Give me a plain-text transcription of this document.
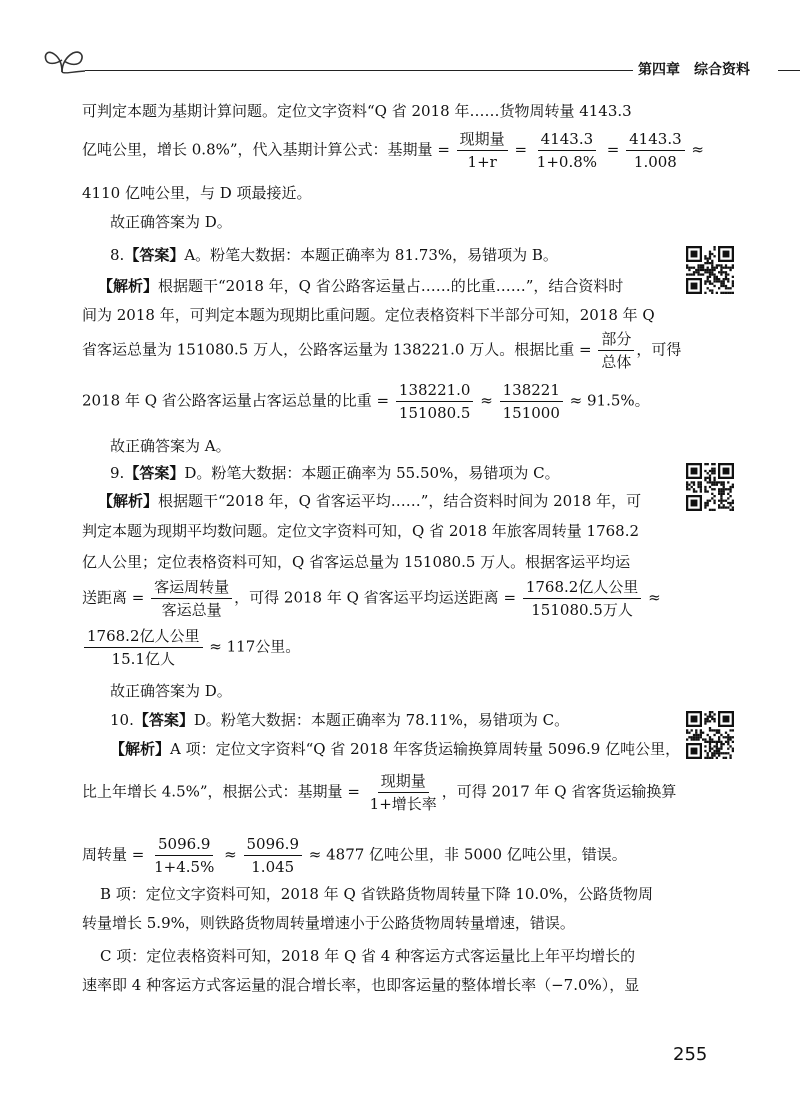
第四章　综合资料
可判定本题为基期计算问题。定位文字资料“Q 省 2018 年……货物周转量 4143.3
亿吨公里，增长 0.8%”，代入基期计算公式：基期量 = $\frac{\text{现期量}}{1+r} = \frac{4143.3}{1+0.8\%} = \frac{4143.3}{1.008}$ ≈
4110 亿吨公里，与 D 项最接近。
故正确答案为 D。
8.【答案】A。粉笔大数据：本题正确率为 81.73%，易错项为 B。
【解析】根据题干“2018 年，Q 省公路客运量占……的比重……”，结合资料时
间为 2018 年，可判定本题为现期比重问题。定位表格资料下半部分可知，2018 年 Q
省客运总量为 151080.5 万人，公路客运量为 138221.0 万人。根据比重 = $\frac{\text{部分}}{\text{总体}}$ ，可得
2018 年 Q 省公路客运量占客运总量的比重 = $\frac{138221.0}{151080.5} \approx \frac{138221}{151000} \approx 91.5\%$。
故正确答案为 A。
9.【答案】D。粉笔大数据：本题正确率为 55.50%，易错项为 C。
【解析】根据题干“2018 年，Q 省客运平均……”，结合资料时间为 2018 年，可
判定本题为现期平均数问题。定位文字资料可知，Q 省 2018 年旅客周转量 1768.2
亿人公里；定位表格资料可知，Q 省客运总量为 151080.5 万人。根据客运平均运
送距离 = $\frac{\text{客运周转量}}{\text{客运总量}}$ ，可得 2018 年 Q 省客运平均运送距离 = $\frac{\text{1768.2亿人公里}}{\text{151080.5万人}}$ ≈
$\frac{\text{1768.2亿人公里}}{\text{15.1亿人}} \approx 117$公里。
故正确答案为 D。
10.【答案】D。粉笔大数据：本题正确率为 78.11%，易错项为 C。
【解析】A 项：定位文字资料“Q 省 2018 年客货运输换算周转量 5096.9 亿吨公里，
比上年增长 4.5%”，根据公式：基期量 = $\frac{\text{现期量}}{\text{1+增长率}}$ ，可得 2017 年 Q 省客货运输换算
周转量 = $\frac{5096.9}{1+4.5\%} \approx \frac{5096.9}{1.045} \approx 4877$ 亿吨公里，非 5000 亿吨公里，错误。
B 项：定位文字资料可知，2018 年 Q 省铁路货物周转量下降 10.0%，公路货物周
转量增长 5.9%，则铁路货物周转量增速小于公路货物周转量增速，错误。
C 项：定位表格资料可知，2018 年 Q 省 4 种客运方式客运量比上年平均增长的
速率即 4 种客运方式客运量的混合增长率，也即客运量的整体增长率（−7.0%），显
255
